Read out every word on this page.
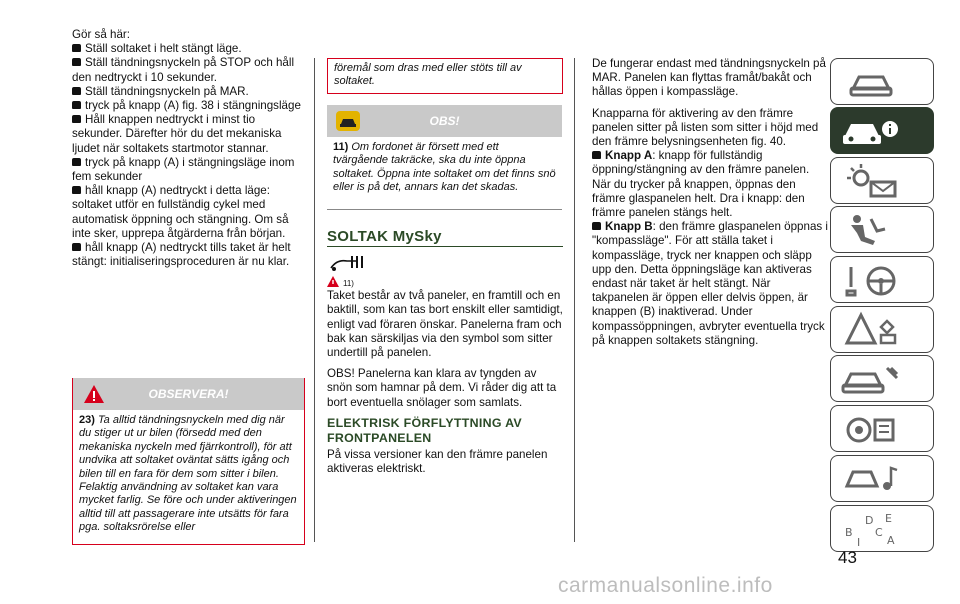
Gör så här:

Ställ soltaket i helt stängt läge.
Ställ tändningsnyckeln på STOP och håll den nedtryckt i 10 sekunder.
Ställ tändningsnyckeln på MAR.
tryck på knapp (A) fig. 38 i stängningsläge
Håll knappen nedtryckt i minst tio sekunder. Därefter hör du det mekaniska ljudet när soltakets startmotor stannar.
tryck på knapp (A) i stängningsläge inom fem sekunder
håll knapp (A) nedtryckt i detta läge: soltaket utför en fullständig cykel med automatisk öppning och stängning. Om så inte sker, upprepa åtgärderna från början.
håll knapp (A) nedtryckt tills taket är helt stängt: initialiseringsproceduren är nu klar.
OBSERVERA!
23) Ta alltid tändningsnyckeln med dig när du stiger ut ur bilen (försedd med den mekaniska nyckeln med fjärrkontroll), för att undvika att soltaket oväntat sätts igång och bilen till en fara för dem som sitter i bilen. Felaktig användning av soltaket kan vara mycket farlig. Se före och under aktiveringen alltid till att passagerare inte utsätts för fara pga. soltaksrörelse eller
föremål som dras med eller stöts till av soltaket.
OBS!
11) Om fordonet är försett med ett tvärgående takräcke, ska du inte öppna soltaket. Öppna inte soltaket om det finns snö eller is på det, annars kan det skadas.
SOLTAK MySky
11)

Taket består av två paneler, en framtill och en baktill, som kan tas bort enskilt eller samtidigt, enligt vad föraren önskar. Panelerna fram och bak kan särskiljas via den symbol som sitter undertill på panelen.

OBS! Panelerna kan klara av tyngden av snön som hamnar på dem. Vi råder dig att ta bort eventuella snölager som samlats.

ELEKTRISK FÖRFLYTTNING AV FRONTPANELEN

På vissa versioner kan den främre panelen aktiveras elektriskt.

De fungerar endast med tändningsnyckeln på MAR. Panelen kan flyttas framåt/bakåt och hållas öppen i kompassläge.

Knapparna för aktivering av den främre panelen sitter på listen som sitter i höjd med den främre belysningsenheten fig. 40.

Knapp A: knapp för fullständig öppning/stängning av den främre panelen. När du trycker på knappen, öppnas den främre glaspanelen helt. Dra i knapp: den främre panelen stängs helt.
Knapp B: den främre glaspanelen öppnas i "kompassläge". För att ställa taket i kompassläge, tryck ner knappen och släpp upp den. Detta öppningsläge kan aktiveras endast när taket är helt stängt. När takpanelen är öppen eller delvis öppen, är knappen (B) inaktiverad. Under kompassöppningen, avbryter eventuella tryck på knappen soltakets stängning.
B
I
D
C
E
A
43
carmanualsonline.info
